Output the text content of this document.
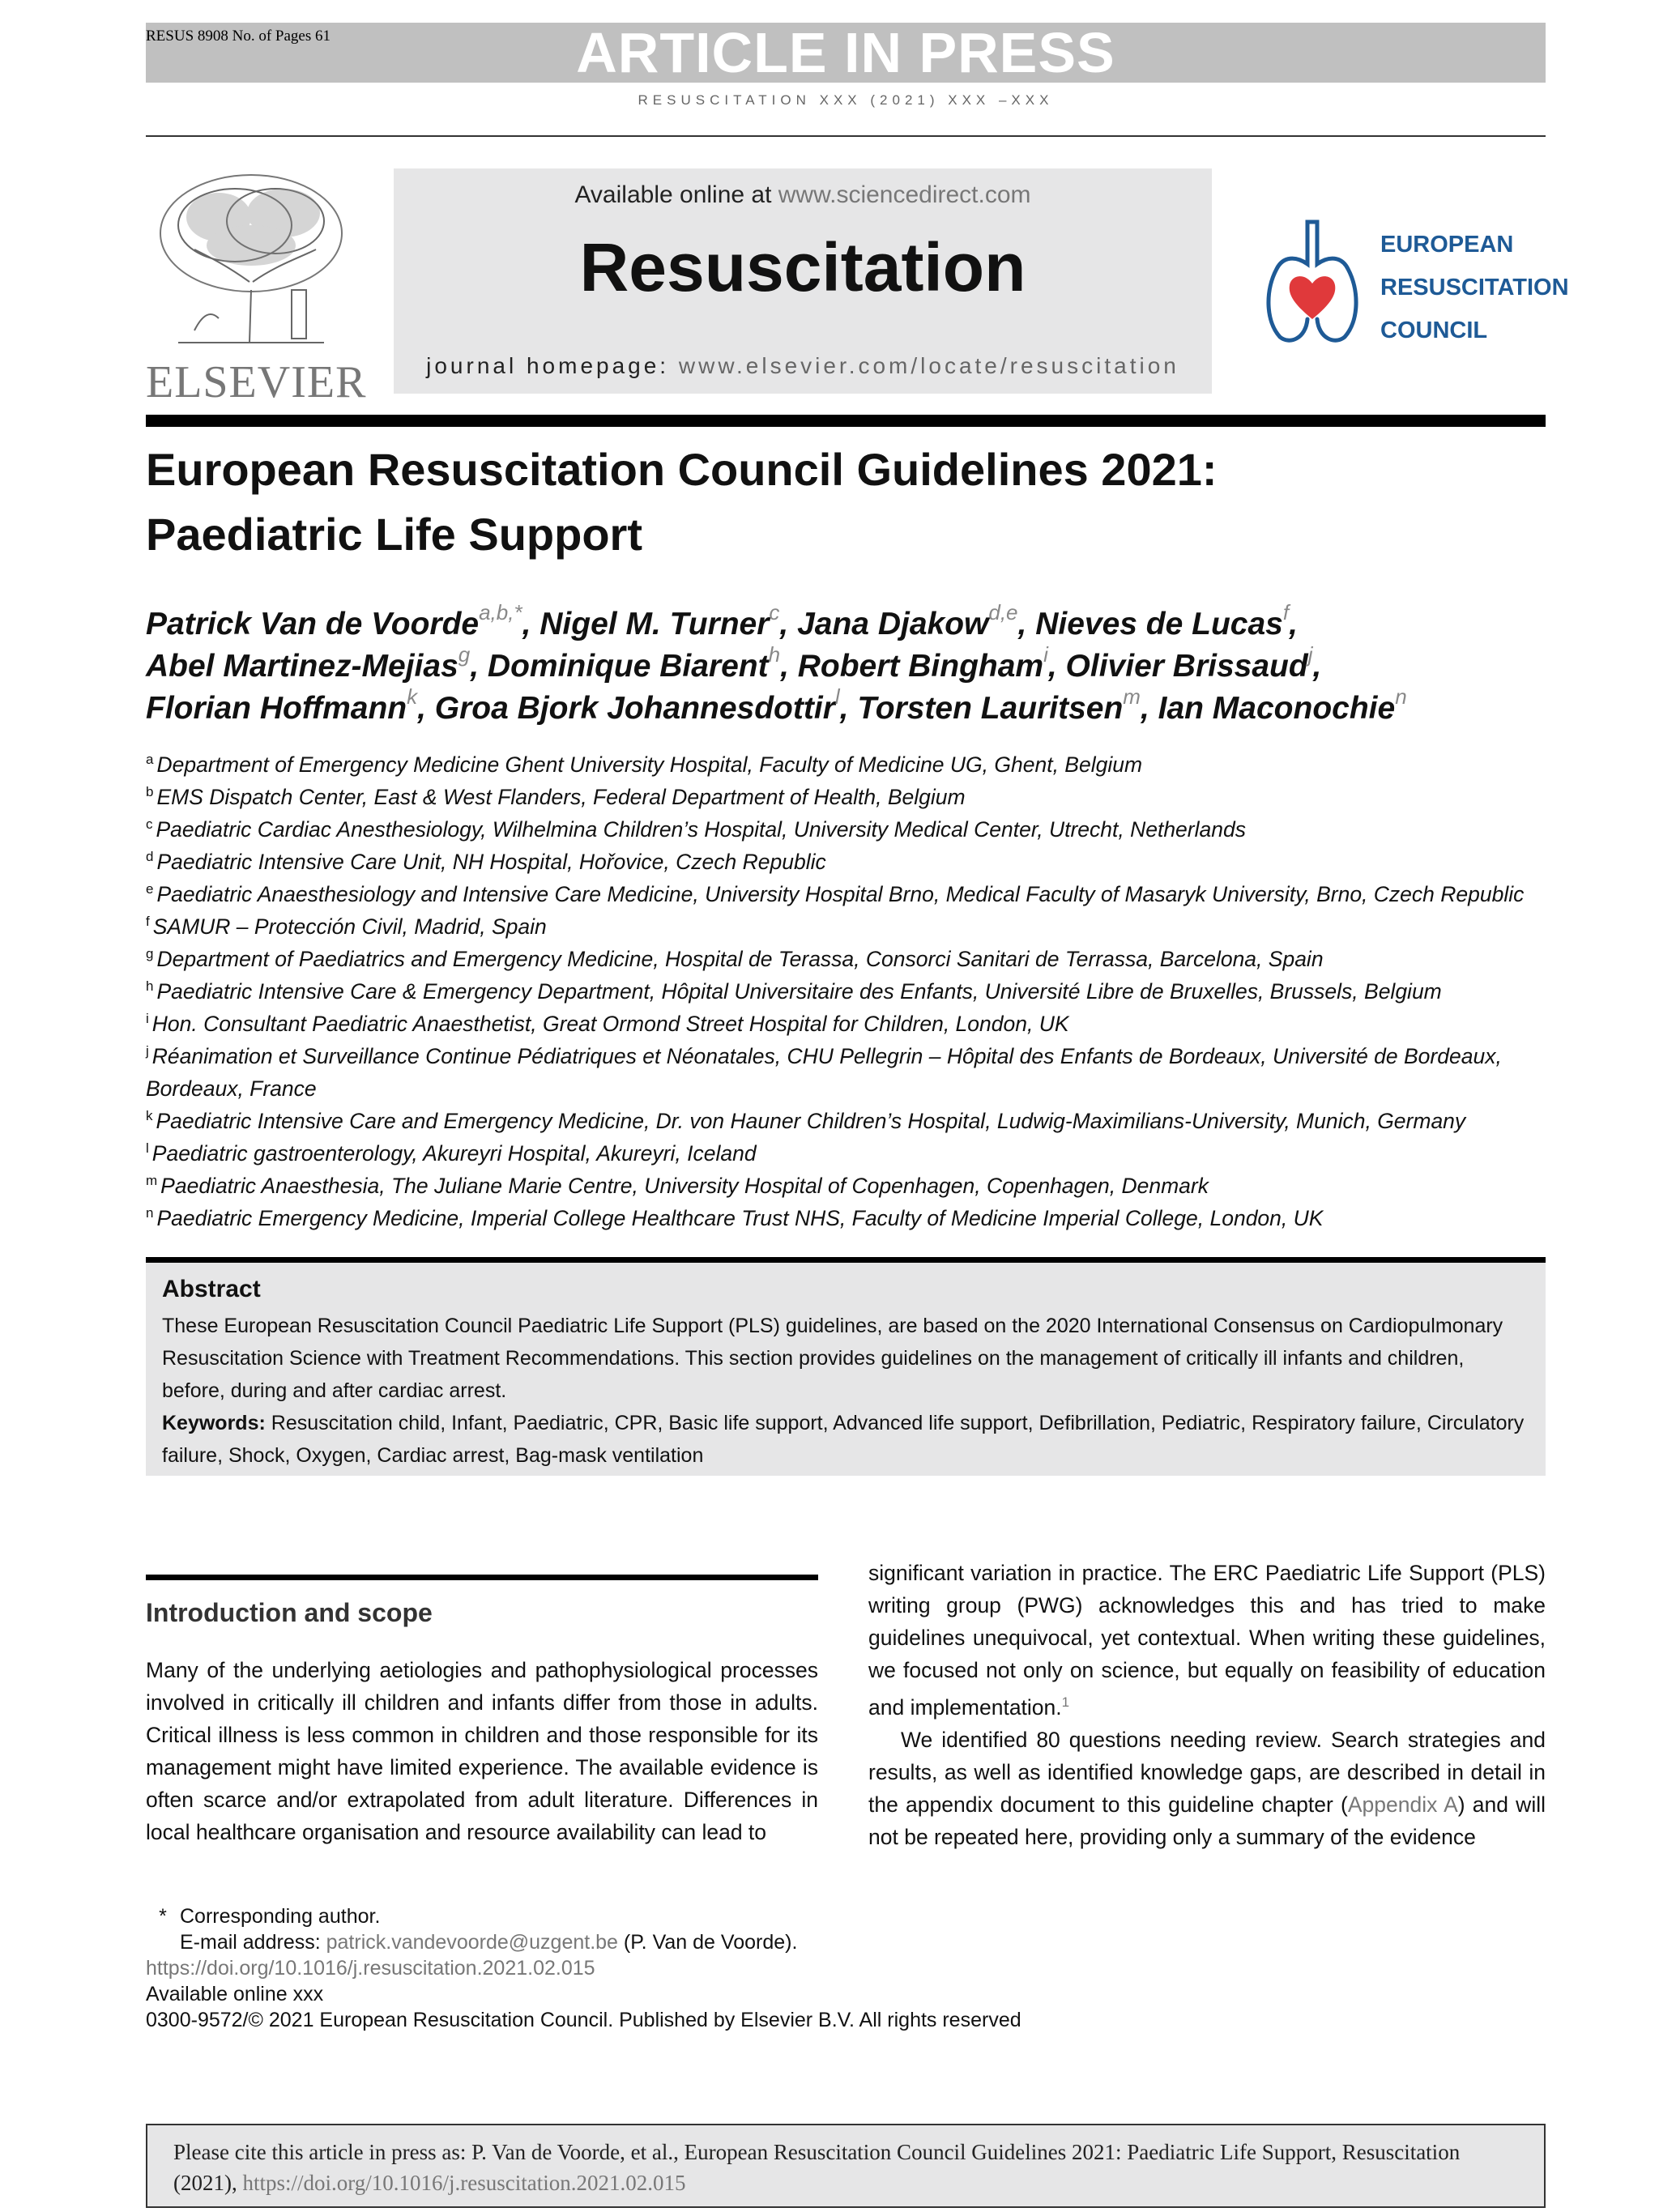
ARTICLE IN PRESS
RESUS 8908 No. of Pages 61
RESUSCITATION XXX (2021) XXX –XXX
ELSEVIER
Available online at www.sciencedirect.com
Resuscitation
journal homepage: www.elsevier.com/locate/resuscitation
EUROPEAN
RESUSCITATION
COUNCIL
European Resuscitation Council Guidelines 2021:
Paediatric Life Support
Patrick Van de Voorde$^{a,b,*}$, Nigel M. Turner$^c$, Jana Djakow$^{d,e}$, Nieves de Lucas$^f$,
Abel Martinez-Mejias$^g$, Dominique Biarent$^h$, Robert Bingham$^i$, Olivier Brissaud$^j$,
Florian Hoffmann$^k$, Groa Bjork Johannesdottir$^l$, Torsten Lauritsen$^m$, Ian Maconochie$^n$
$^a$ Department of Emergency Medicine Ghent University Hospital, Faculty of Medicine UG, Ghent, Belgium
$^b$ EMS Dispatch Center, East & West Flanders, Federal Department of Health, Belgium
$^c$ Paediatric Cardiac Anesthesiology, Wilhelmina Children’s Hospital, University Medical Center, Utrecht, Netherlands
$^d$ Paediatric Intensive Care Unit, NH Hospital, Hořovice, Czech Republic
$^e$ Paediatric Anaesthesiology and Intensive Care Medicine, University Hospital Brno, Medical Faculty of Masaryk University, Brno, Czech Republic
$^f$ SAMUR – Protección Civil, Madrid, Spain
$^g$ Department of Paediatrics and Emergency Medicine, Hospital de Terassa, Consorci Sanitari de Terrassa, Barcelona, Spain
$^h$ Paediatric Intensive Care & Emergency Department, Hôpital Universitaire des Enfants, Université Libre de Bruxelles, Brussels, Belgium
$^i$ Hon. Consultant Paediatric Anaesthetist, Great Ormond Street Hospital for Children, London, UK
$^j$ Réanimation et Surveillance Continue Pédiatriques et Néonatales, CHU Pellegrin – Hôpital des Enfants de Bordeaux, Université de Bordeaux, Bordeaux, France
$^k$ Paediatric Intensive Care and Emergency Medicine, Dr. von Hauner Children’s Hospital, Ludwig-Maximilians-University, Munich, Germany
$^l$ Paediatric gastroenterology, Akureyri Hospital, Akureyri, Iceland
$^m$ Paediatric Anaesthesia, The Juliane Marie Centre, University Hospital of Copenhagen, Copenhagen, Denmark
$^n$ Paediatric Emergency Medicine, Imperial College Healthcare Trust NHS, Faculty of Medicine Imperial College, London, UK
Abstract

These European Resuscitation Council Paediatric Life Support (PLS) guidelines, are based on the 2020 International Consensus on Cardiopulmonary Resuscitation Science with Treatment Recommendations. This section provides guidelines on the management of critically ill infants and children, before, during and after cardiac arrest.

Keywords: Resuscitation child, Infant, Paediatric, CPR, Basic life support, Advanced life support, Defibrillation, Pediatric, Respiratory failure, Circulatory failure, Shock, Oxygen, Cardiac arrest, Bag-mask ventilation

Introduction and scope

Many of the underlying aetiologies and pathophysiological processes involved in critically ill children and infants differ from those in adults. Critical illness is less common in children and those responsible for its management might have limited experience. The available evidence is often scarce and/or extrapolated from adult literature. Differences in local healthcare organisation and resource availability can lead to

significant variation in practice. The ERC Paediatric Life Support (PLS) writing group (PWG) acknowledges this and has tried to make guidelines unequivocal, yet contextual. When writing these guidelines, we focused not only on science, but equally on feasibility of education and implementation.$^1$

We identified 80 questions needing review. Search strategies and results, as well as identified knowledge gaps, are described in detail in the appendix document to this guideline chapter (Appendix A) and will not be repeated here, providing only a summary of the evidence

* Corresponding author.
E-mail address: patrick.vandevoorde@uzgent.be (P. Van de Voorde).
https://doi.org/10.1016/j.resuscitation.2021.02.015
Available online xxx
0300-9572/© 2021 European Resuscitation Council. Published by Elsevier B.V. All rights reserved
Please cite this article in press as: P. Van de Voorde, et al., European Resuscitation Council Guidelines 2021: Paediatric Life Support, Resuscitation (2021), https://doi.org/10.1016/j.resuscitation.2021.02.015
